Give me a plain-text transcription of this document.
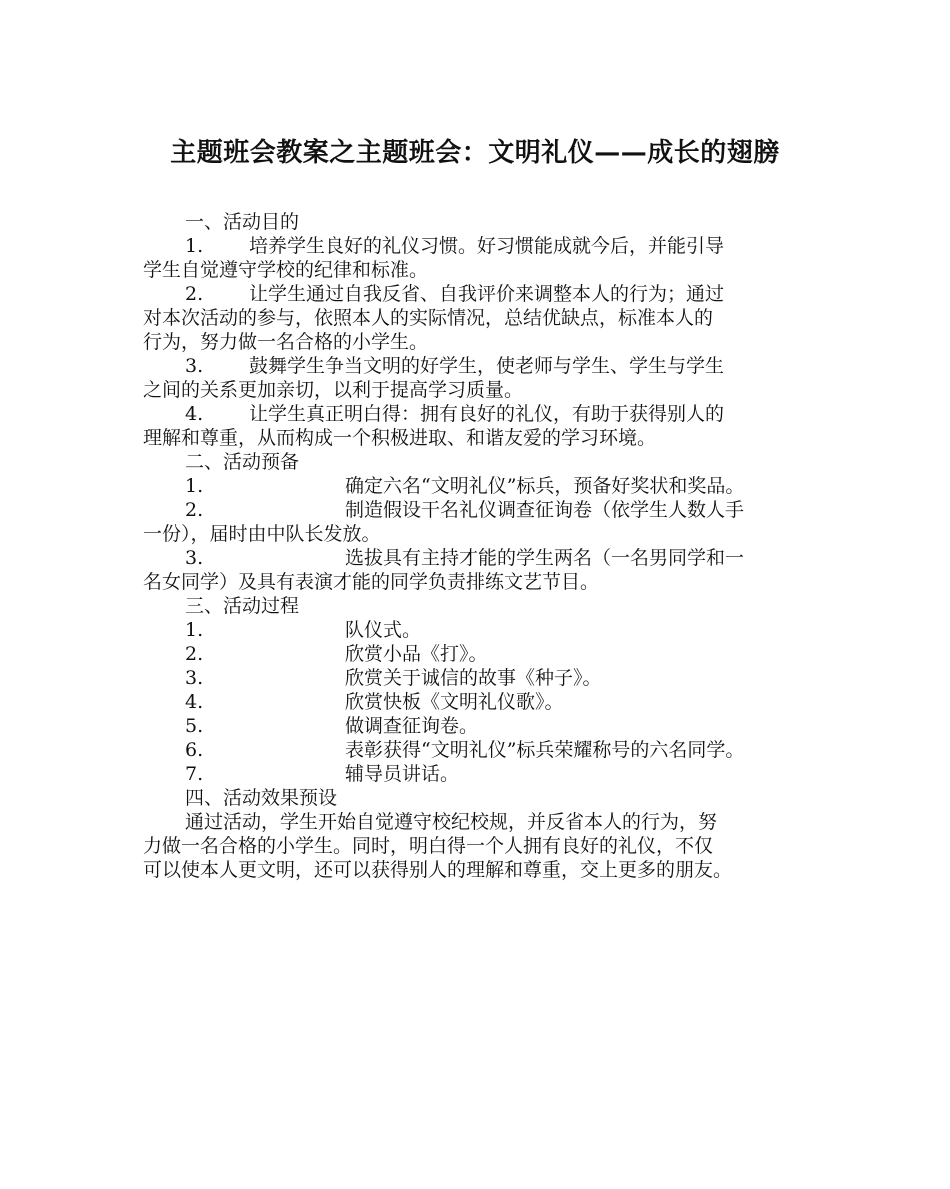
主题班会教案之主题班会：文明礼仪——成长的翅膀
一、活动目的
1. 培养学生良好的礼仪习惯。好习惯能成就今后，并能引导
学生自觉遵守学校的纪律和标准。
2. 让学生通过自我反省、自我评价来调整本人的行为；通过
对本次活动的参与，依照本人的实际情况，总结优缺点，标准本人的
行为，努力做一名合格的小学生。
3. 鼓舞学生争当文明的好学生，使老师与学生、学生与学生
之间的关系更加亲切，以利于提高学习质量。
4. 让学生真正明白得：拥有良好的礼仪，有助于获得别人的
理解和尊重，从而构成一个积极进取、和谐友爱的学习环境。
二、活动预备
1.	确定六名“文明礼仪”标兵，预备好奖状和奖品。
2.	制造假设干名礼仪调查征询卷（依学生人数人手
一份），届时由中队长发放。
3.	选拔具有主持才能的学生两名（一名男同学和一
名女同学）及具有表演才能的同学负责排练文艺节目。
三、活动过程
1.	队仪式。
2.	欣赏小品《打》。
3.	欣赏关于诚信的故事《种子》。
4.	欣赏快板《文明礼仪歌》。
5.	做调查征询卷。
6.	表彰获得“文明礼仪”标兵荣耀称号的六名同学。
7.	辅导员讲话。
四、活动效果预设
通过活动，学生开始自觉遵守校纪校规，并反省本人的行为，努
力做一名合格的小学生。同时，明白得一个人拥有良好的礼仪，不仅
可以使本人更文明，还可以获得别人的理解和尊重，交上更多的朋友。
